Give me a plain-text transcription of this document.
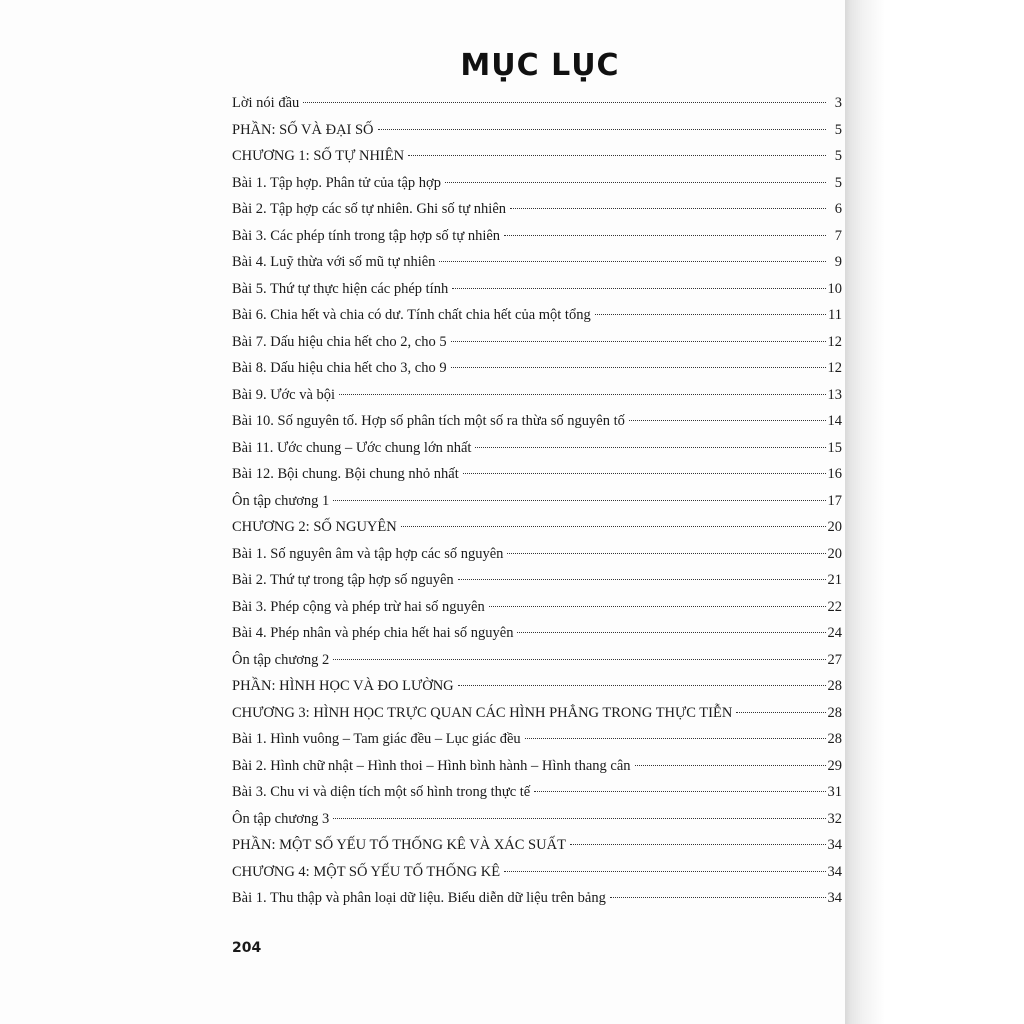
MỤC LỤC
Lời nói đầu	3
PHẦN: SỐ VÀ ĐẠI SỐ	5
CHƯƠNG 1: SỐ TỰ NHIÊN	5
Bài 1. Tập hợp. Phân tử của tập hợp	5
Bài 2. Tập hợp các số tự nhiên. Ghi số tự nhiên	6
Bài 3. Các phép tính trong tập hợp số tự nhiên	7
Bài 4. Luỹ thừa với số mũ tự nhiên	9
Bài 5. Thứ tự thực hiện các phép tính	10
Bài 6. Chia hết và chia có dư. Tính chất chia hết của một tổng	11
Bài 7. Dấu hiệu chia hết cho 2, cho 5	12
Bài 8. Dấu hiệu chia hết cho 3, cho 9	12
Bài 9. Ước và bội	13
Bài 10. Số nguyên tố. Hợp số phân tích một số ra thừa số nguyên tố	14
Bài 11. Ước chung – Ước chung lớn nhất	15
Bài 12. Bội chung. Bội chung nhỏ nhất	16
Ôn tập chương 1	17
CHƯƠNG 2: SỐ NGUYÊN	20
Bài 1. Số nguyên âm và tập hợp các số nguyên	20
Bài 2. Thứ tự trong tập hợp số nguyên	21
Bài 3. Phép cộng và phép trừ hai số nguyên	22
Bài 4. Phép nhân và phép chia hết hai số nguyên	24
Ôn tập chương 2	27
PHẦN: HÌNH HỌC VÀ ĐO LƯỜNG	28
CHƯƠNG 3: HÌNH HỌC TRỰC QUAN CÁC HÌNH PHẲNG TRONG THỰC TIỄN	28
Bài 1. Hình vuông – Tam giác đều – Lục giác đều	28
Bài 2. Hình chữ nhật – Hình thoi – Hình bình hành – Hình thang cân	29
Bài 3. Chu vi và diện tích một số hình trong thực tế	31
Ôn tập chương 3	32
PHẦN: MỘT SỐ YẾU TỐ THỐNG KÊ VÀ XÁC SUẤT	34
CHƯƠNG 4: MỘT SỐ YẾU TỐ THỐNG KÊ	34
Bài 1. Thu thập và phân loại dữ liệu. Biểu diễn dữ liệu trên bảng	34
204
